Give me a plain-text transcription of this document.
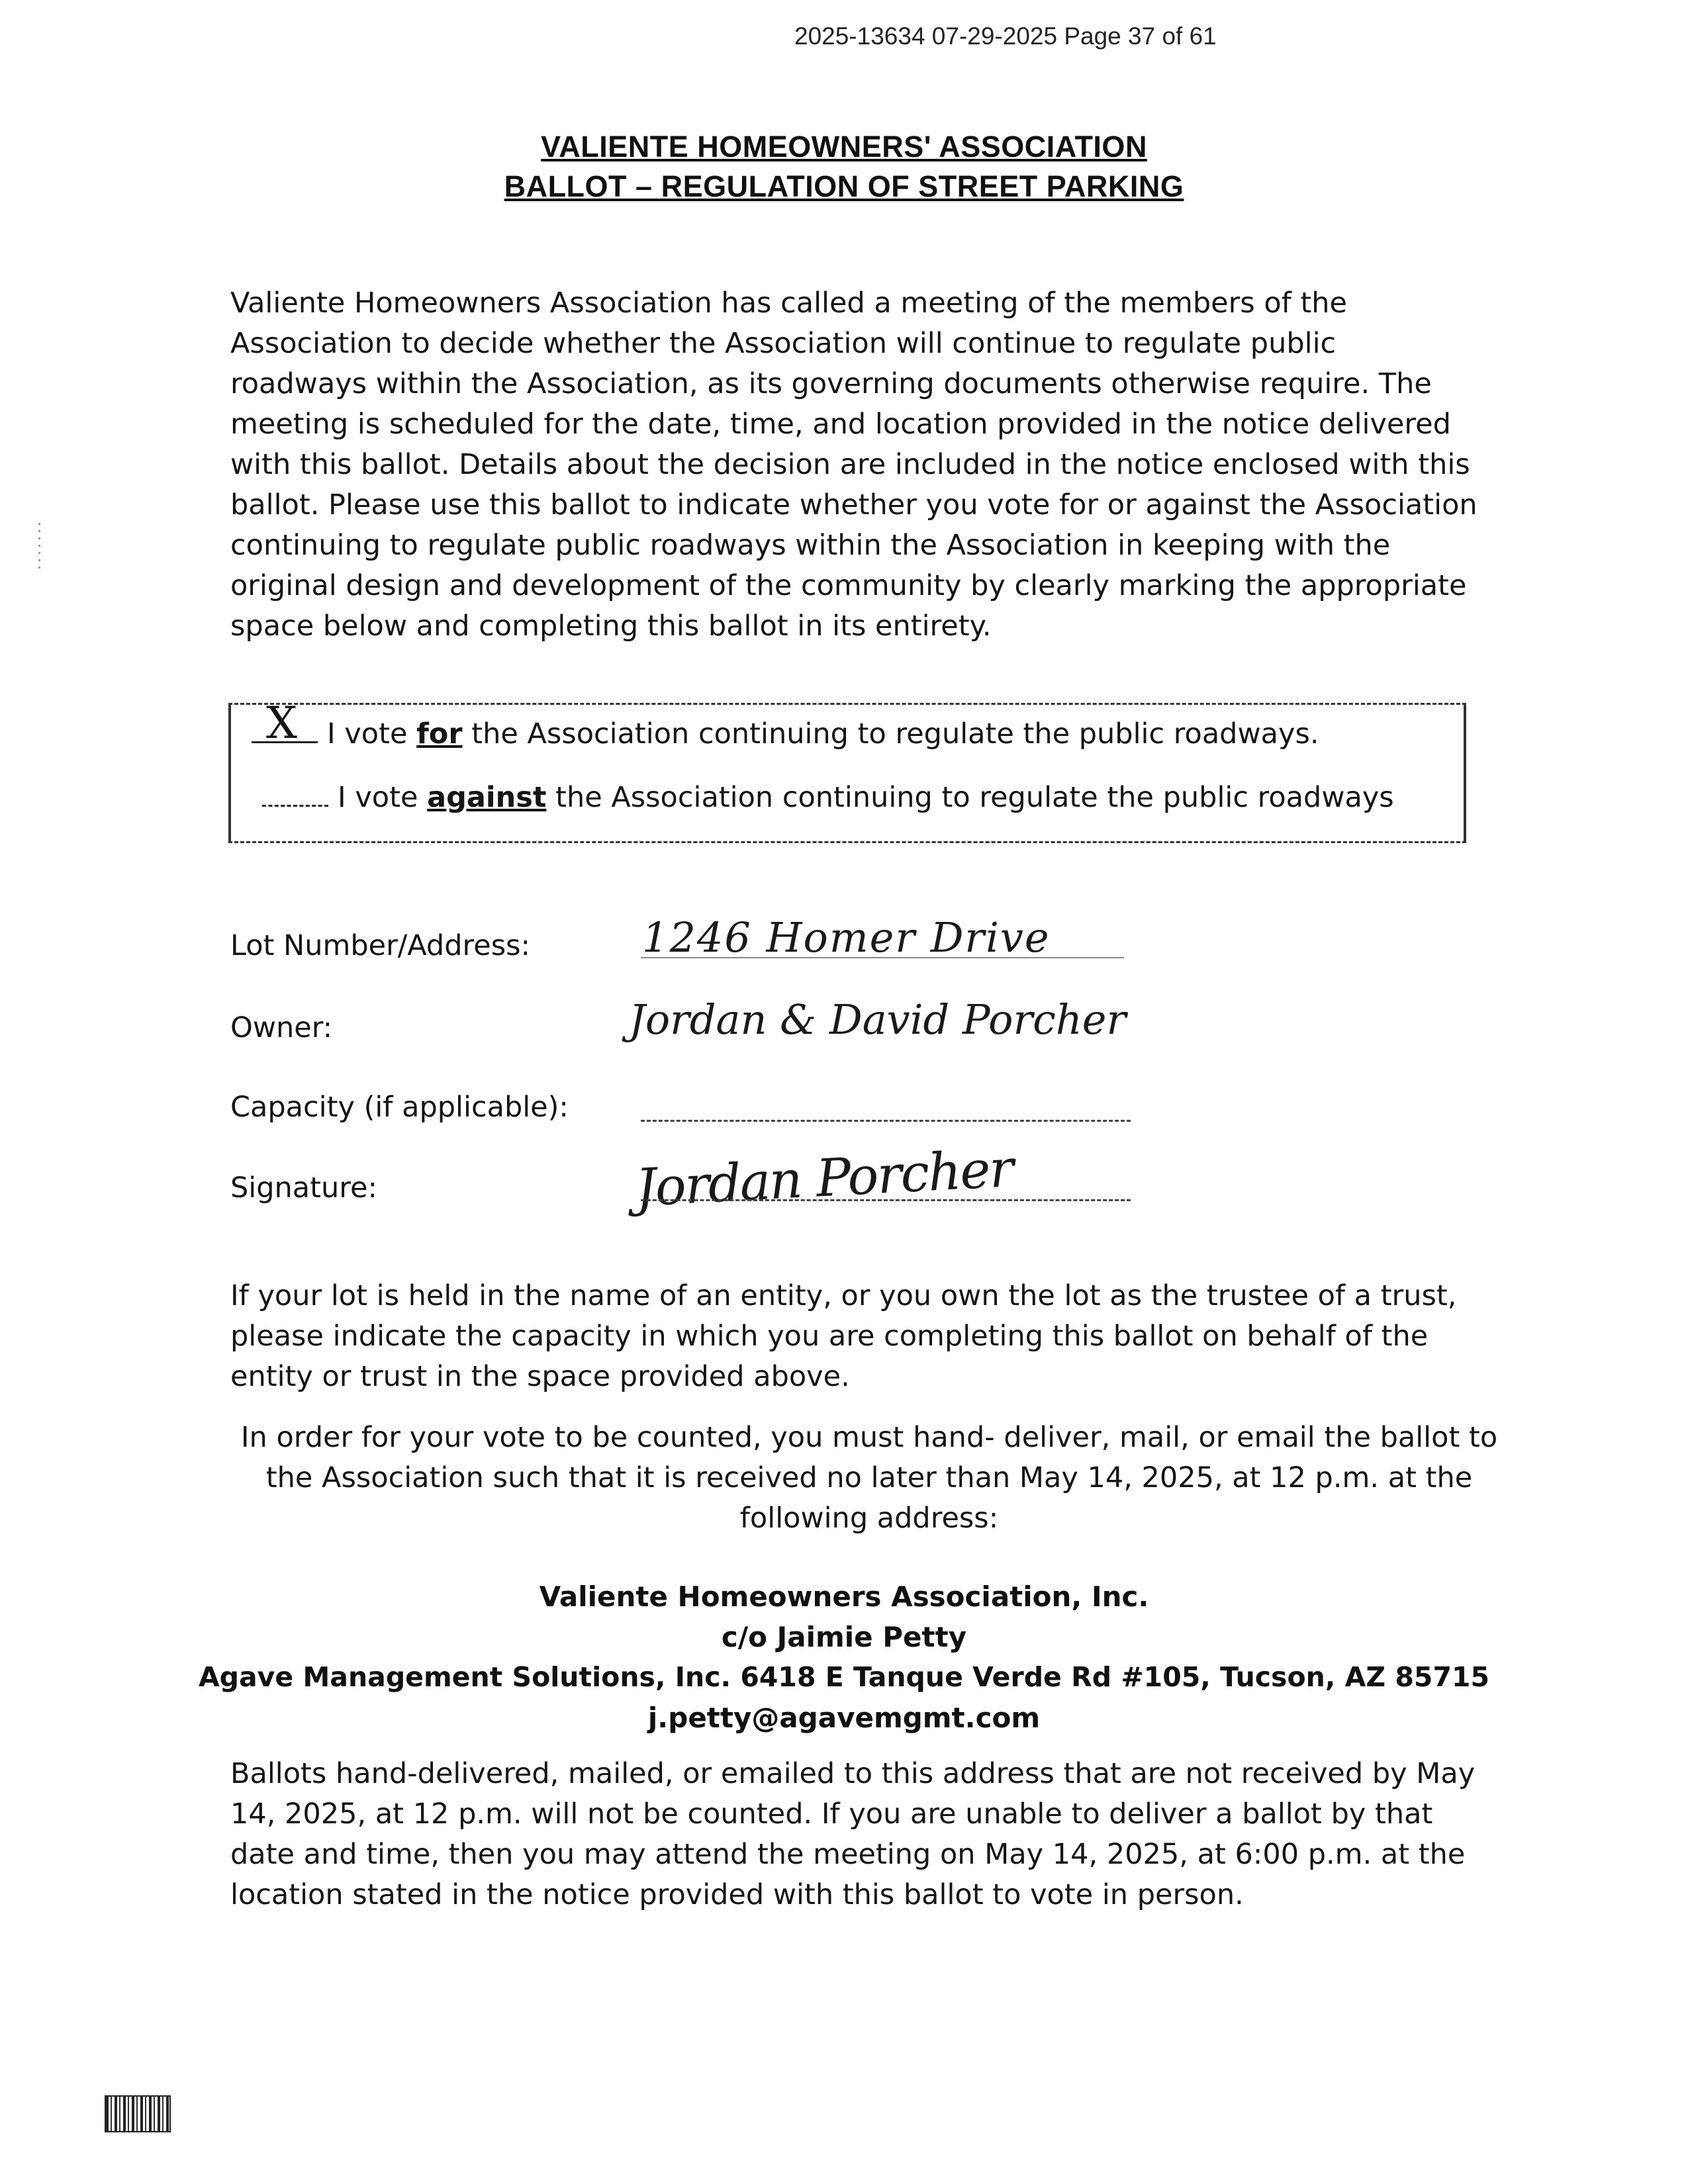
2025-13634 07-29-2025 Page 37 of 61
VALIENTE HOMEOWNERS' ASSOCIATION
BALLOT – REGULATION OF STREET PARKING

Valiente Homeowners Association has called a meeting of the members of the

Association to decide whether the Association will continue to regulate public

roadways within the Association, as its governing documents otherwise require. The

meeting is scheduled for the date, time, and location provided in the notice delivered

with this ballot. Details about the decision are included in the notice enclosed with this

ballot. Please use this ballot to indicate whether you vote for or against the Association

continuing to regulate public roadways within the Association in keeping with the

original design and development of the community by clearly marking the appropriate

space below and completing this ballot in its entirety.

X I vote for the Association continuing to regulate the public roadways.
I vote against the Association continuing to regulate the public roadways
Lot Number/Address:	1246 Homer Drive
Owner:	Jordan & David Porcher
Capacity (if applicable):
Signature:	Jordan Porcher

If your lot is held in the name of an entity, or you own the lot as the trustee of a trust,

please indicate the capacity in which you are completing this ballot on behalf of the

entity or trust in the space provided above.

In order for your vote to be counted, you must hand- deliver, mail, or email the ballot to

the Association such that it is received no later than May 14, 2025, at 12 p.m. at the

following address:

Valiente Homeowners Association, Inc.
c/o Jaimie Petty
Agave Management Solutions, Inc. 6418 E Tanque Verde Rd #105, Tucson, AZ 85715
j.petty@agavemgmt.com

Ballots hand-delivered, mailed, or emailed to this address that are not received by May

14, 2025, at 12 p.m. will not be counted. If you are unable to deliver a ballot by that

date and time, then you may attend the meeting on May 14, 2025, at 6:00 p.m. at the

location stated in the notice provided with this ballot to vote in person.
